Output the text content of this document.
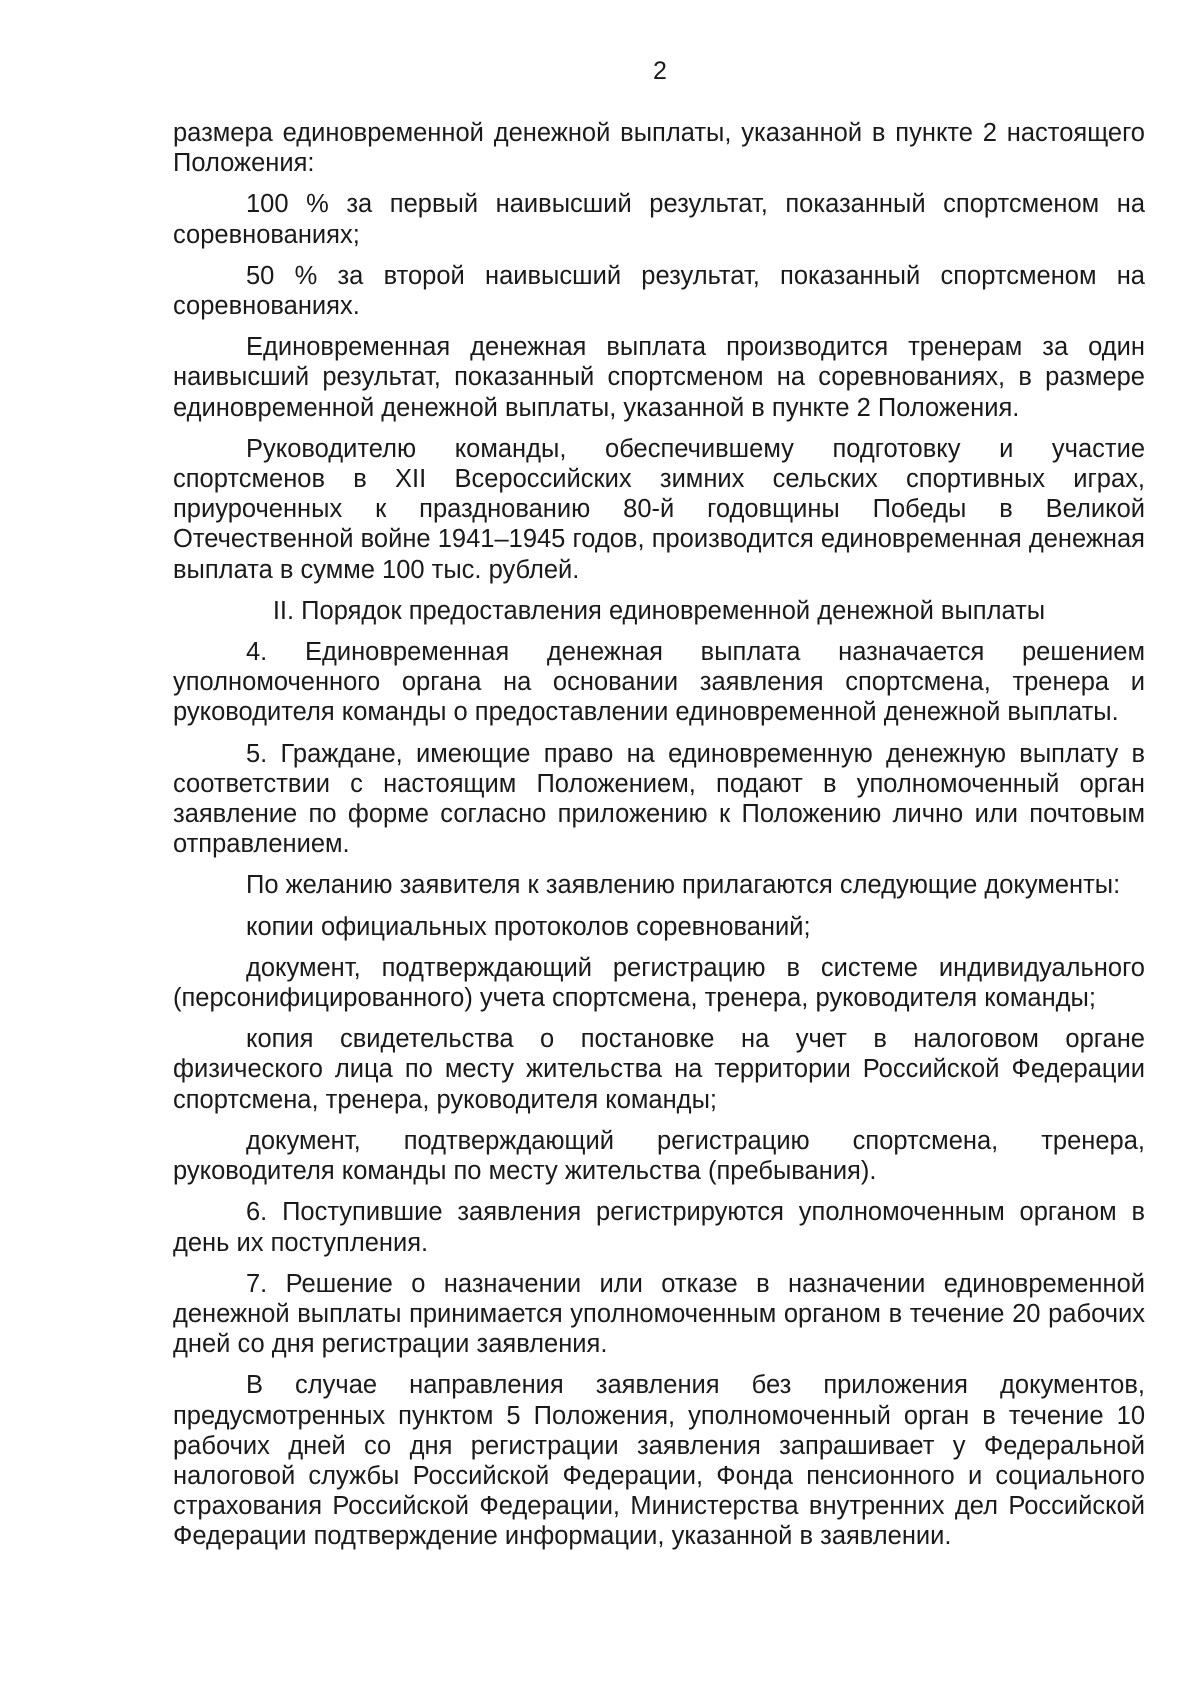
2

размера единовременной денежной выплаты, указанной в пункте 2 настоящего Положения:

100 % за первый наивысший результат, показанный спортсменом на соревнованиях;

50 % за второй наивысший результат, показанный спортсменом на соревнованиях.

Единовременная денежная выплата производится тренерам за один наивысший результат, показанный спортсменом на соревнованиях, в размере единовременной денежной выплаты, указанной в пункте 2 Положения.

Руководителю команды, обеспечившему подготовку и участие спортсменов в XII Всероссийских зимних сельских спортивных играх, приуроченных к празднованию 80-й годовщины Победы в Великой Отечественной войне 1941–1945 годов, производится единовременная денежная выплата в сумме 100 тыс. рублей.

II. Порядок предоставления единовременной денежной выплаты

4. Единовременная денежная выплата назначается решением уполномоченного органа на основании заявления спортсмена, тренера и руководителя команды о предоставлении единовременной денежной выплаты.

5. Граждане, имеющие право на единовременную денежную выплату в соответствии с настоящим Положением, подают в уполномоченный орган заявление по форме согласно приложению к Положению лично или почтовым отправлением.

По желанию заявителя к заявлению прилагаются следующие документы:

копии официальных протоколов соревнований;

документ, подтверждающий регистрацию в системе индивидуального (персонифицированного) учета спортсмена, тренера, руководителя команды;

копия свидетельства о постановке на учет в налоговом органе физического лица по месту жительства на территории Российской Федерации спортсмена, тренера, руководителя команды;

документ, подтверждающий регистрацию спортсмена, тренера, руководителя команды по месту жительства (пребывания).

6. Поступившие заявления регистрируются уполномоченным органом в день их поступления.

7. Решение о назначении или отказе в назначении единовременной денежной выплаты принимается уполномоченным органом в течение 20 рабочих дней со дня регистрации заявления.

В случае направления заявления без приложения документов, предусмотренных пунктом 5 Положения, уполномоченный орган в течение 10 рабочих дней со дня регистрации заявления запрашивает у Федеральной налоговой службы Российской Федерации, Фонда пенсионного и социального страхования Российской Федерации, Министерства внутренних дел Российской Федерации подтверждение информации, указанной в заявлении.
